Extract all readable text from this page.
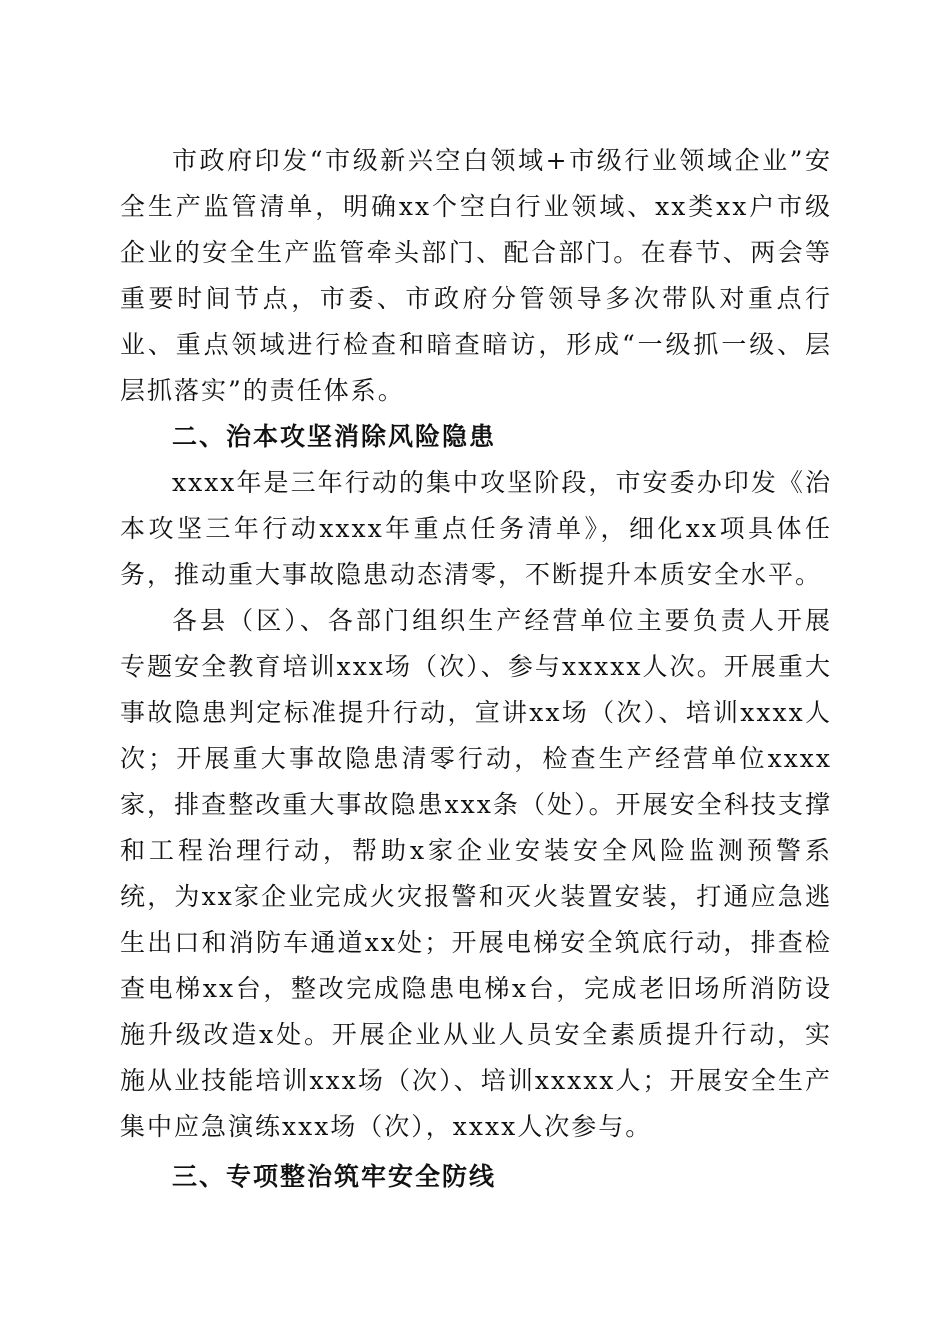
市政府印发“市级新兴空白领域+市级行业领域企业”安全生产监管清单，明确xx个空白行业领域、xx类xx户市级企业的安全生产监管牵头部门、配合部门。在春节、两会等重要时间节点，市委、市政府分管领导多次带队对重点行业、重点领域进行检查和暗查暗访，形成“一级抓一级、层层抓落实”的责任体系。

二、治本攻坚消除风险隐患

xxxx年是三年行动的集中攻坚阶段，市安委办印发《治本攻坚三年行动xxxx年重点任务清单》，细化xx项具体任务，推动重大事故隐患动态清零，不断提升本质安全水平。

各县（区）、各部门组织生产经营单位主要负责人开展专题安全教育培训xxx场（次）、参与xxxxx人次。开展重大事故隐患判定标准提升行动，宣讲xx场（次）、培训xxxx人次；开展重大事故隐患清零行动，检查生产经营单位xxxx家，排查整改重大事故隐患xxx条（处）。开展安全科技支撑和工程治理行动，帮助x家企业安装安全风险监测预警系统，为xx家企业完成火灾报警和灭火装置安装，打通应急逃生出口和消防车通道xx处；开展电梯安全筑底行动，排查检查电梯xx台，整改完成隐患电梯x台，完成老旧场所消防设施升级改造x处。开展企业从业人员安全素质提升行动，实施从业技能培训xxx场（次）、培训xxxxx人；开展安全生产集中应急演练xxx场（次），xxxx人次参与。

三、专项整治筑牢安全防线
